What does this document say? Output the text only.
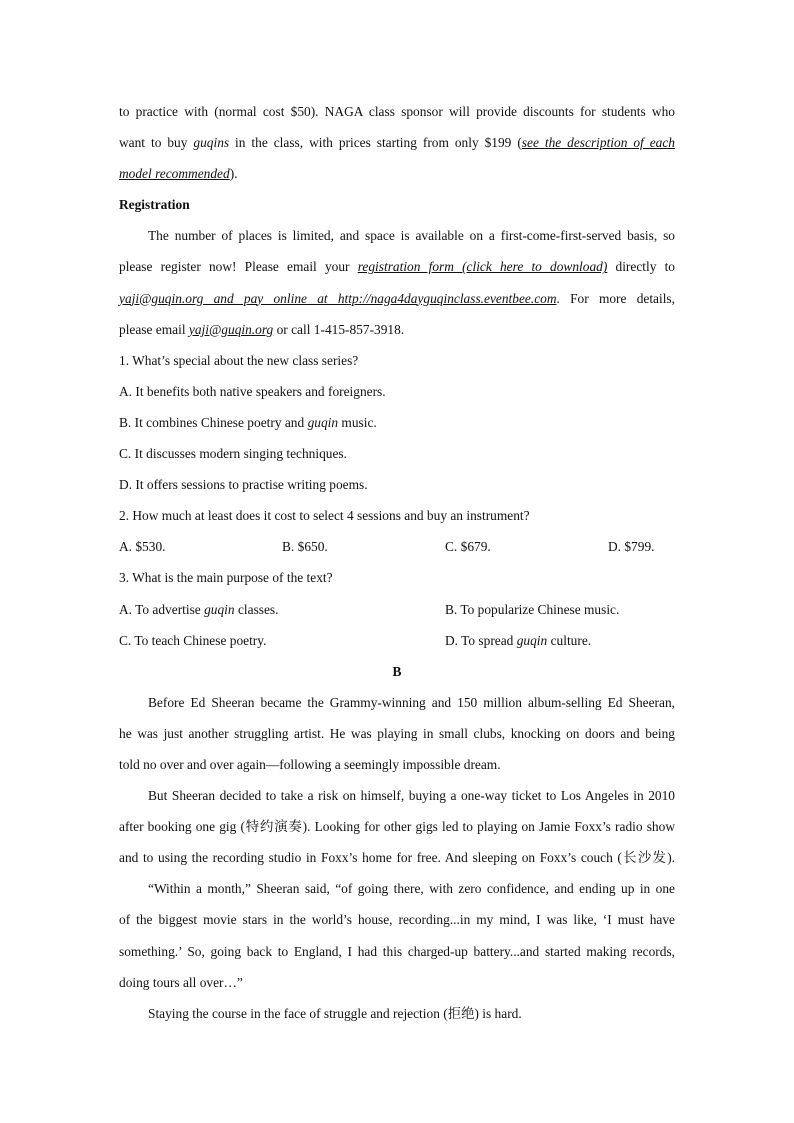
to practice with (normal cost $50). NAGA class sponsor will provide discounts for students who

want to buy guqins in the class, with prices starting from only $199 (see the description of each

model recommended).

Registration

The number of places is limited, and space is available on a first-come-first-served basis, so

please register now! Please email your registration form (click here to download) directly to

yaji@guqin.org and pay online at http://naga4dayguqinclass.eventbee.com. For more details,

please email yaji@guqin.org or call 1-415-857-3918.

1. What’s special about the new class series?

A. It benefits both native speakers and foreigners.

B. It combines Chinese poetry and guqin music.

C. It discusses modern singing techniques.

D. It offers sessions to practise writing poems.

2. How much at least does it cost to select 4 sessions and buy an instrument?

A. $530.	B. $650.	C. $679.	D. $799.

3. What is the main purpose of the text?

A. To advertise guqin classes.	B. To popularize Chinese music.

C. To teach Chinese poetry.	D. To spread guqin culture.

B

Before Ed Sheeran became the Grammy-winning and 150 million album-selling Ed Sheeran,

he was just another struggling artist. He was playing in small clubs, knocking on doors and being

told no over and over again—following a seemingly impossible dream.

But Sheeran decided to take a risk on himself, buying a one-way ticket to Los Angeles in 2010

after booking one gig (特约演奏). Looking for other gigs led to playing on Jamie Foxx’s radio show

and to using the recording studio in Foxx’s home for free. And sleeping on Foxx’s couch (长沙发).

“Within a month,” Sheeran said, “of going there, with zero confidence, and ending up in one

of the biggest movie stars in the world’s house, recording...in my mind, I was like, ‘I must have

something.’ So, going back to England, I had this charged-up battery...and started making records,

doing tours all over…”

Staying the course in the face of struggle and rejection (拒绝) is hard.
